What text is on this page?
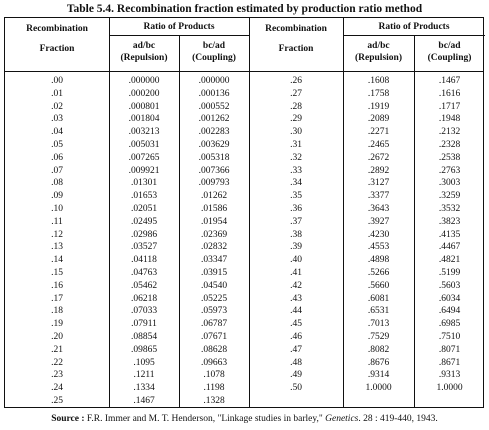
Table 5.4. Recombination fraction estimated by production ratio method
Recombination
Fraction
Ratio of Products
ad/bc
(Repulsion)
bc/ad
(Coupling)
Recombination
Fraction
Ratio of Products
ad/bc
(Repulsion)
bc/ad
(Coupling)
.00
.01
.02
.03
.04
.05
.06
.07
.08
.09
.10
.11
.12
.13
.14
.15
.16
.17
.18
.19
.20
.21
.22
.23
.24
.25
.000000
.000200
.000801
.001804
.003213
.005031
.007265
.009921
.01301
.01653
.02051
.02495
.02986
.03527
.04118
.04763
.05462
.06218
.07033
.07911
.08854
.09865
.1095
.1211
.1334
.1467
.000000
.000136
.000552
.001262
.002283
.003629
.005318
.007366
.009793
.01262
.01586
.01954
.02369
.02832
.03347
.03915
.04540
.05225
.05973
.06787
.07671
.08628
.09663
.1078
.1198
.1328
.26
.27
.28
.29
.30
.31
.32
.33
.34
.35
.36
.37
.38
.39
.40
.41
.42
.43
.44
.45
.46
.47
.48
.49
.50
.1608
.1758
.1919
.2089
.2271
.2465
.2672
.2892
.3127
.3377
.3643
.3927
.4230
.4553
.4898
.5266
.5660
.6081
.6531
.7013
.7529
.8082
.8676
.9314
1.0000
.1467
.1616
.1717
.1948
.2132
.2328
.2538
.2763
.3003
.3259
.3532
.3823
.4135
.4467
.4821
.5199
.5603
.6034
.6494
.6985
.7510
.8071
.8671
.9313
1.0000
Source : F.R. Immer and M. T. Henderson, "Linkage studies in barley," Genetics. 28 : 419-440, 1943.
